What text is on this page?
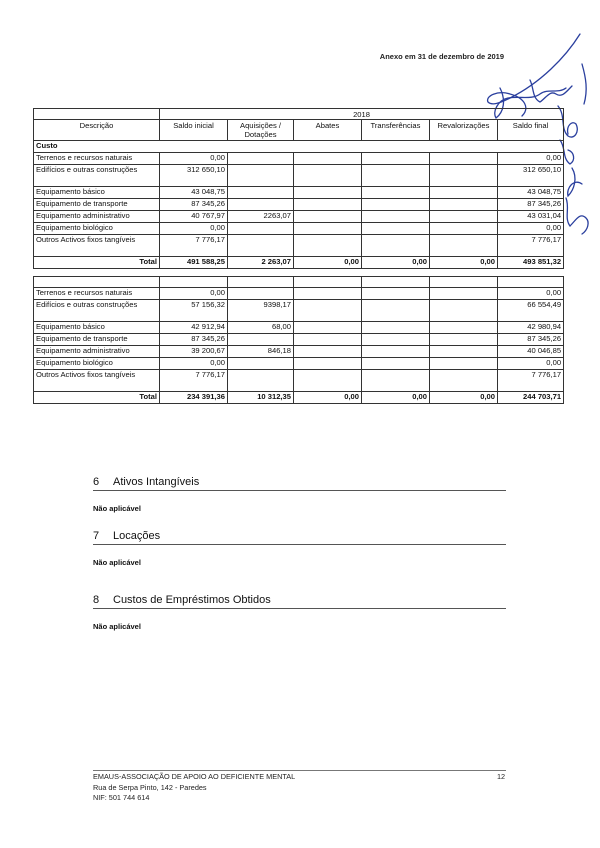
Anexo em 31 de dezembro de 2019
	2018					
Descrição	Saldo inicial	Aquisições / Dotações	Abates	Transferências	Revalorizações	Saldo final
Custo						
Terrenos e recursos naturais	0,00					0,00
Edifícios e outras construções	312 650,10					312 650,10
Equipamento básico	43 048,75					43 048,75
Equipamento de transporte	87 345,26					87 345,26
Equipamento administrativo	40 767,97	2263,07				43 031,04
Equipamento biológico	0,00					0,00
Outros Activos fixos tangíveis	7 776,17					7 776,17
Total	491 588,25	2 263,07	0,00	0,00	0,00	493 851,32

Terrenos e recursos naturais	0,00					0,00
Edifícios e outras construções	57 156,32	9398,17				66 554,49
Equipamento básico	42 912,94	68,00				42 980,94
Equipamento de transporte	87 345,26					87 345,26
Equipamento administrativo	39 200,67	846,18				40 046,85
Equipamento biológico	0,00					0,00
Outros Activos fixos tangíveis	7 776,17					7 776,17
Total	234 391,36	10 312,35	0,00	0,00	0,00	244 703,71
6 Ativos Intangíveis
Não aplicável
7 Locações
Não aplicável
8 Custos de Empréstimos Obtidos
Não aplicável
EMAUS-ASSOCIAÇÃO DE APOIO AO DEFICIENTE MENTAL
Rua de Serpa Pinto, 142 - Paredes
NIF: 501 744 614
12
